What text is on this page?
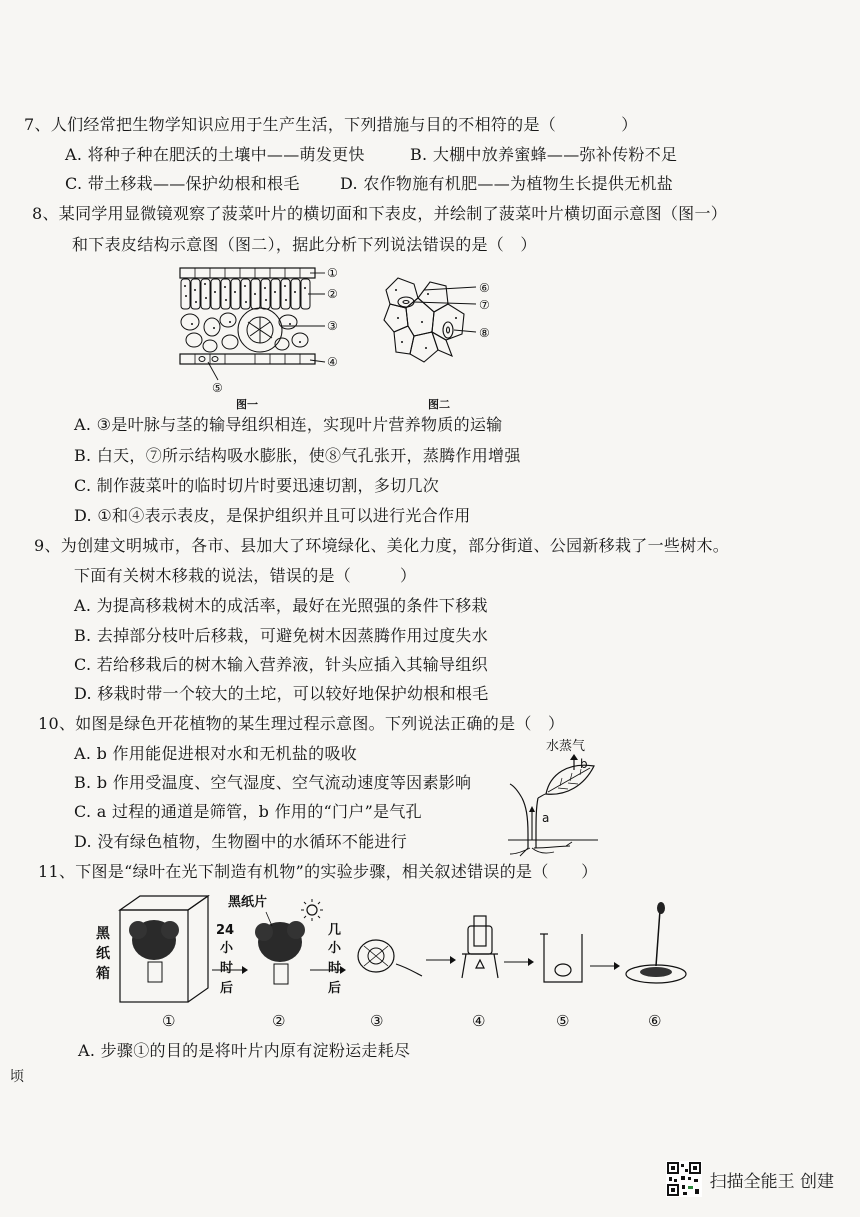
7、人们经常把生物学知识应用于生产生活，下列措施与目的不相符的是（　　　　）
A. 将种子种在肥沃的土壤中——萌发更快	B. 大棚中放养蜜蜂——弥补传粉不足
C. 带土移栽——保护幼根和根毛	D. 农作物施有机肥——为植物生长提供无机盐
8、某同学用显微镜观察了菠菜叶片的横切面和下表皮，并绘制了菠菜叶片横切面示意图（图一）
和下表皮结构示意图（图二），据此分析下列说法错误的是（　）
①
②
③
④
⑤
图一
⑥
⑦
⑧
图二
A. ③是叶脉与茎的输导组织相连，实现叶片营养物质的运输
B. 白天，⑦所示结构吸水膨胀，使⑧气孔张开，蒸腾作用增强
C. 制作菠菜叶的临时切片时要迅速切割，多切几次
D. ①和④表示表皮，是保护组织并且可以进行光合作用
9、为创建文明城市，各市、县加大了环境绿化、美化力度，部分街道、公园新移栽了一些树木。
下面有关树木移栽的说法，错误的是（　　　）
A. 为提高移栽树木的成活率，最好在光照强的条件下移栽
B. 去掉部分枝叶后移栽，可避免树木因蒸腾作用过度失水
C. 若给移栽后的树木输入营养液，针头应插入其输导组织
D. 移栽时带一个较大的土坨，可以较好地保护幼根和根毛
10、如图是绿色开花植物的某生理过程示意图。下列说法正确的是（　）
A. b 作用能促进根对水和无机盐的吸收
B. b 作用受温度、空气湿度、空气流动速度等因素影响
C. a 过程的通道是筛管，b 作用的“门户”是气孔
D. 没有绿色植物，生物圈中的水循环不能进行
水蒸气
b
a
11、下图是“绿叶在光下制造有机物”的实验步骤，相关叙述错误的是（　　）
黑
纸
箱
24
小
时
后
黑纸片
几
小
时
后
①	②	③	④	⑤	⑥
A. 步骤①的目的是将叶片内原有淀粉运走耗尽
顷
扫描全能王 创建
